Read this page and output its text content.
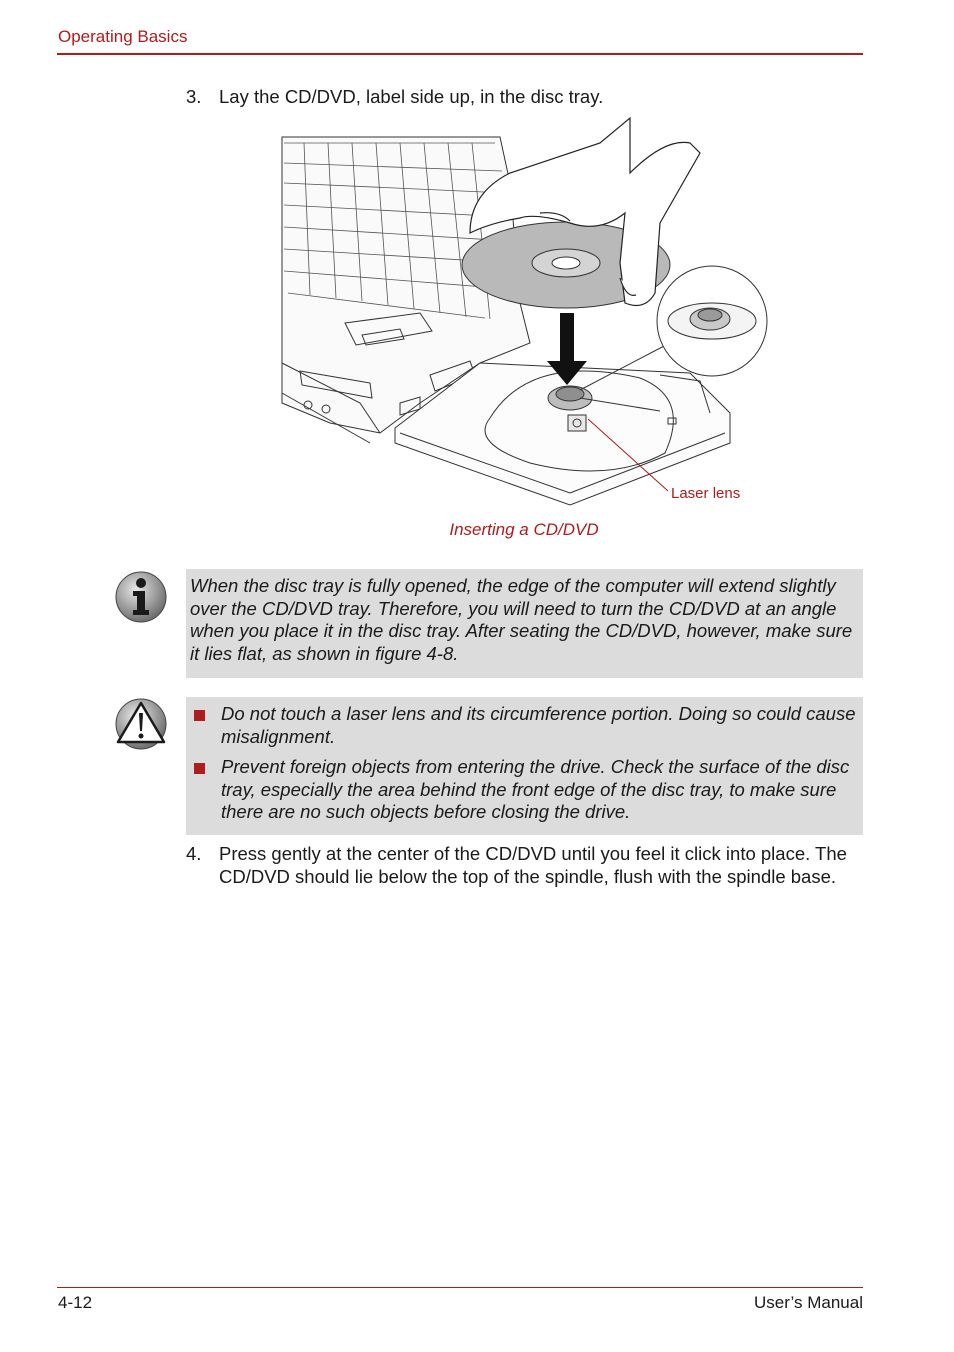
Operating Basics
3. Lay the CD/DVD, label side up, in the disc tray.
Laser lens
Inserting a CD/DVD
When the disc tray is fully opened, the edge of the computer will extend slightly over the CD/DVD tray. Therefore, you will need to turn the CD/DVD at an angle when you place it in the disc tray. After seating the CD/DVD, however, make sure it lies flat, as shown in figure 4-8.
Do not touch a laser lens and its circumference portion. Doing so could cause misalignment.
Prevent foreign objects from entering the drive. Check the surface of the disc tray, especially the area behind the front edge of the disc tray, to make sure there are no such objects before closing the drive.
4. Press gently at the center of the CD/DVD until you feel it click into place. The CD/DVD should lie below the top of the spindle, flush with the spindle base.
4-12	User’s Manual
